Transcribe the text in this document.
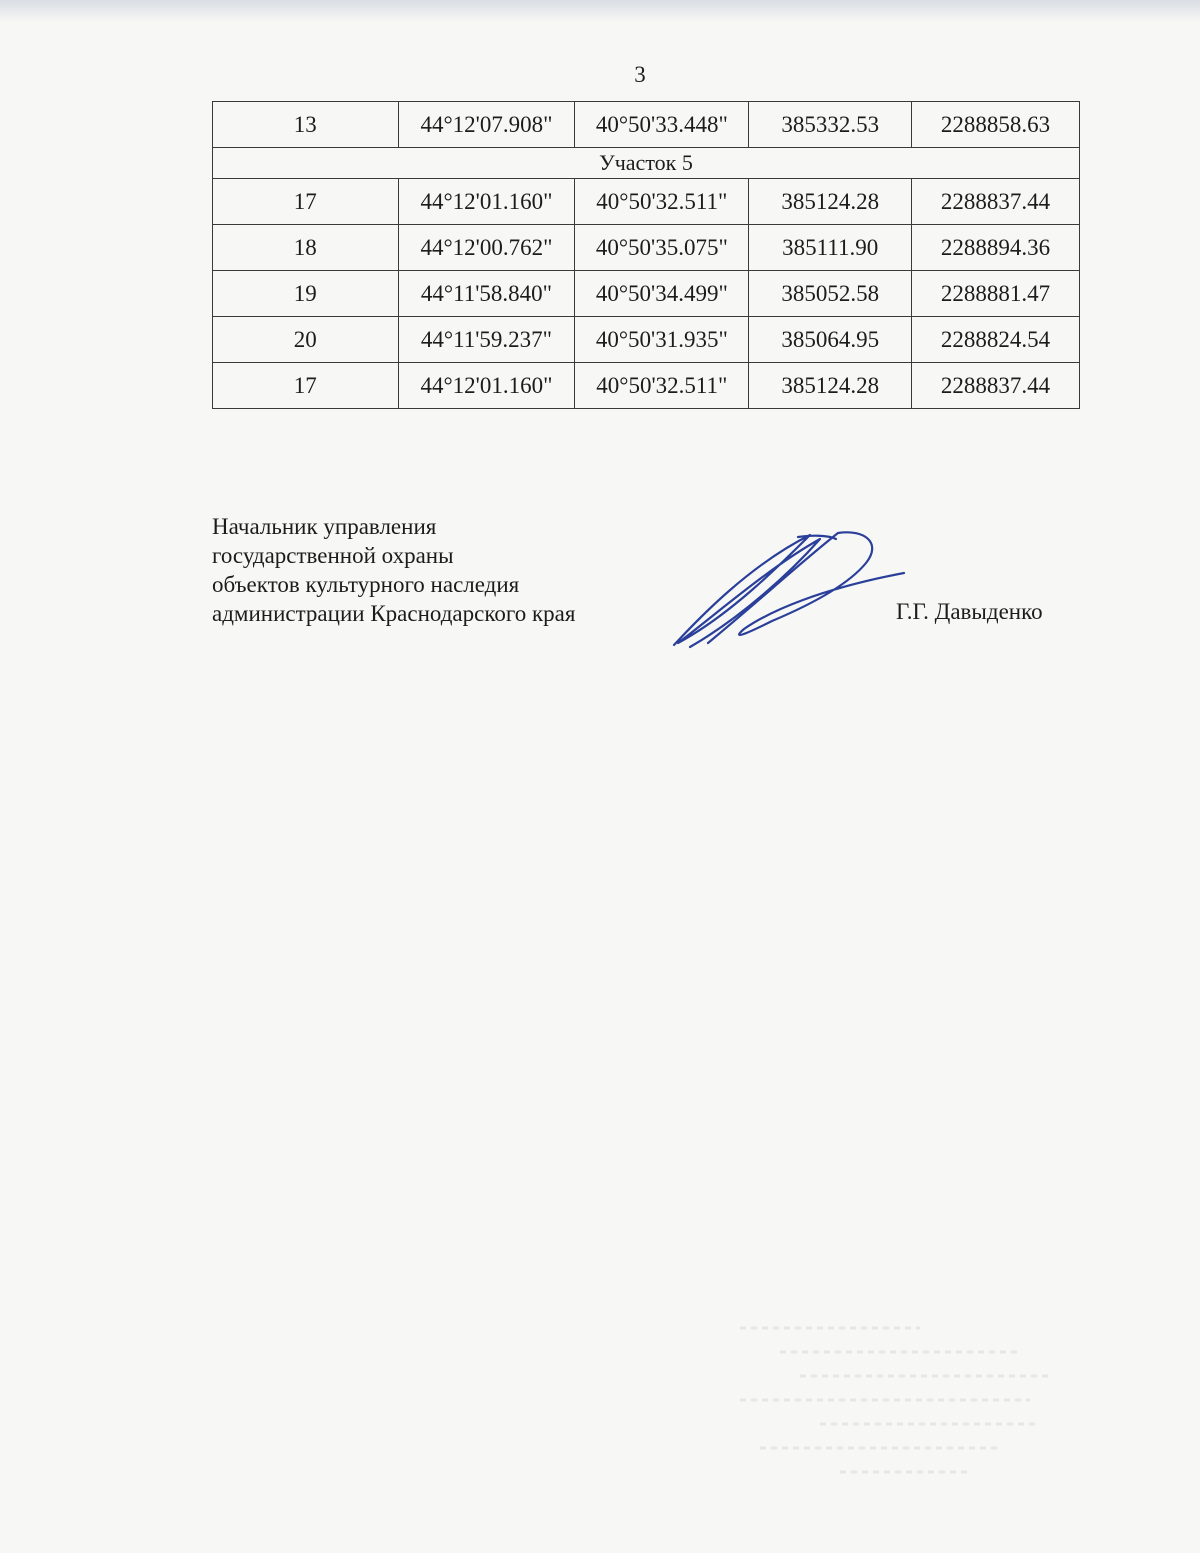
3
13	44°12'07.908"	40°50'33.448"	385332.53	2288858.63
Участок 5				
17	44°12'01.160"	40°50'32.511"	385124.28	2288837.44
18	44°12'00.762"	40°50'35.075"	385111.90	2288894.36
19	44°11'58.840"	40°50'34.499"	385052.58	2288881.47
20	44°11'59.237"	40°50'31.935"	385064.95	2288824.54
17	44°12'01.160"	40°50'32.511"	385124.28	2288837.44
Начальник управления
государственной охраны
объектов культурного наследия
администрации Краснодарского края	Г.Г. Давыденко
